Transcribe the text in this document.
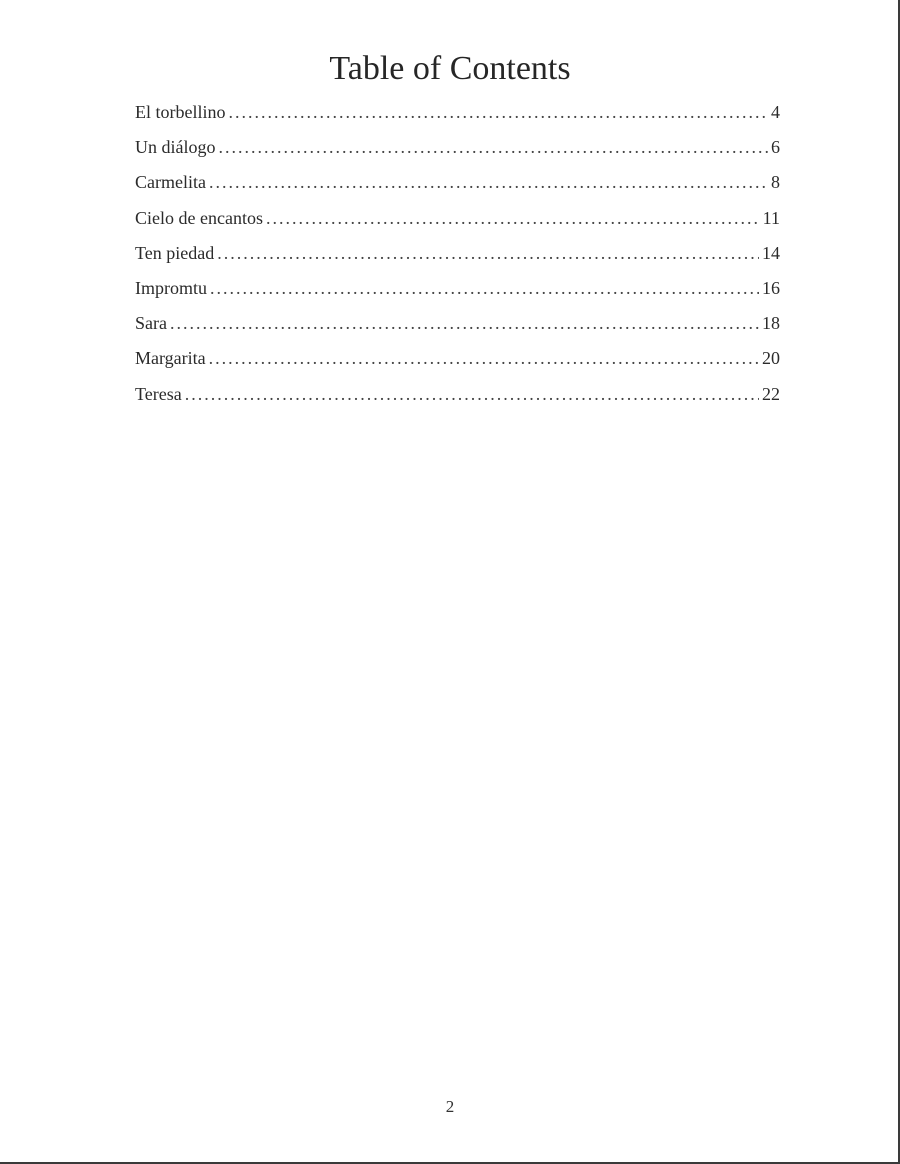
Table of Contents
El torbellino .....	4
Un diálogo .....	6
Carmelita .....	8
Cielo de encantos .....	11
Ten piedad .....	14
Impromtu .....	16
Sara .....	18
Margarita .....	20
Teresa .....	22
2
